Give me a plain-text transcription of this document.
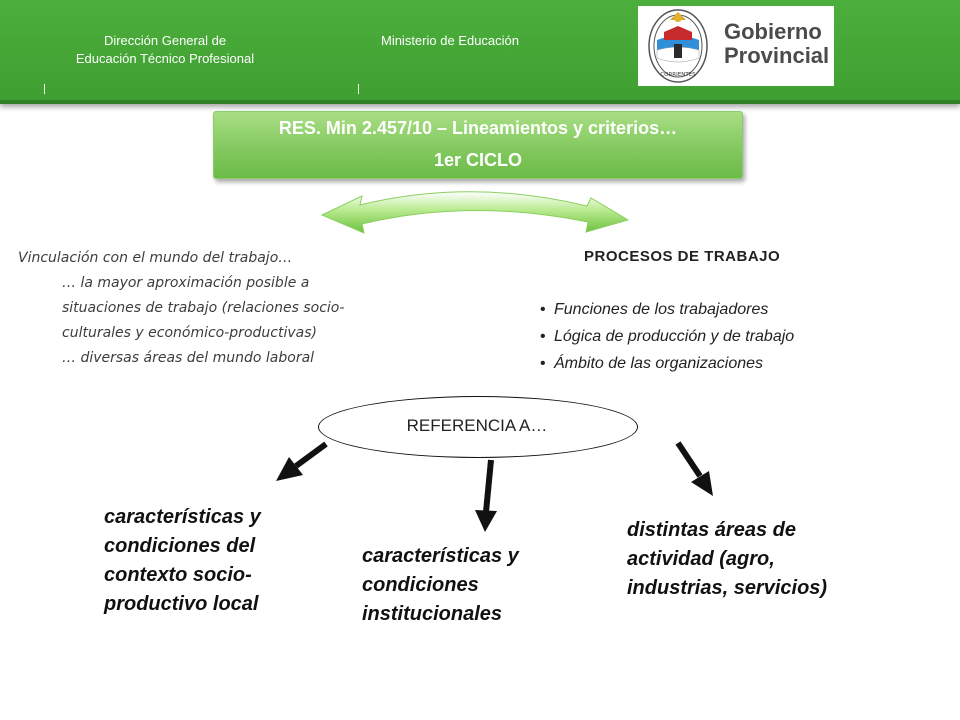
Dirección General de
Educación Técnico Profesional
Ministerio de Educación
CORRIENTES
Gobierno
Provincial
RES. Min 2.457/10 – Lineamientos y criterios…
1er CICLO
Vinculación con el mundo del trabajo…
… la mayor aproximación posible a
situaciones de trabajo (relaciones socio-
culturales y económico-productivas)
… diversas áreas del mundo laboral
PROCESOS DE TRABAJO
• Funciones de los trabajadores
• Lógica de producción y de trabajo
• Ámbito de las organizaciones
REFERENCIA A…
características y
condiciones del
contexto socio-
productivo local
características y
condiciones
institucionales
distintas áreas de
actividad (agro,
industrias, servicios)
